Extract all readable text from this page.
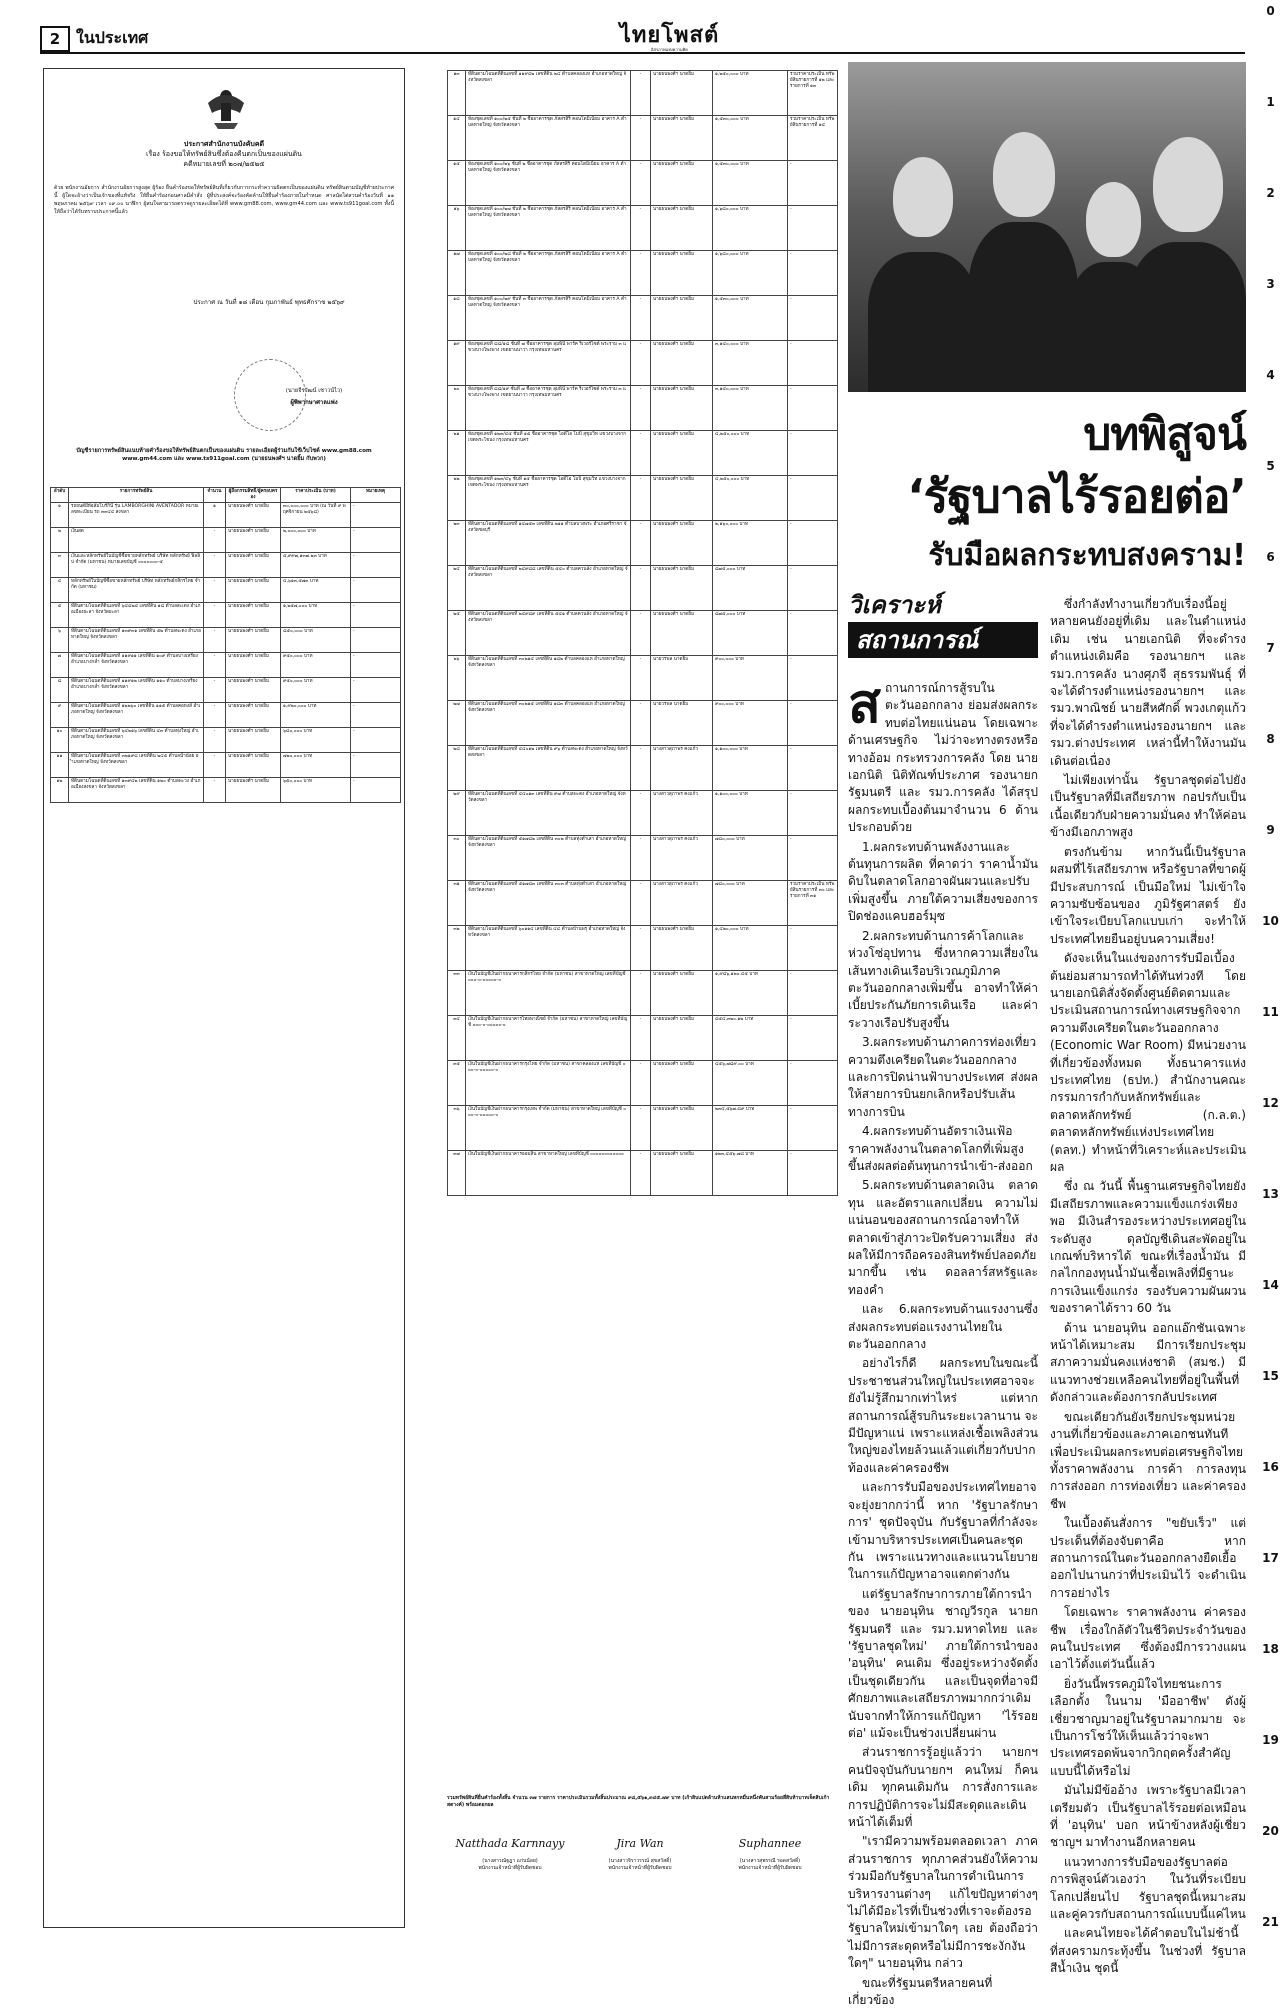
2 ในประเทศ	ไทยโพสต์
อิสรภาพแห่งความคิด
ประกาศสำนักงานบังคับคดี
เรื่อง ร้องขอให้ทรัพย์สินซึ่งต้องคืนตกเป็นของแผ่นดิน
คดีหมายเลขที่ ๒๐๗/๒๕๒๕
ด้วย พนักงานอัยการ สำนักงานอัยการสูงสุด ผู้ร้อง ยื่นคำร้องขอให้ทรัพย์สินที่เกี่ยวกับการกระทำความผิดตกเป็นของแผ่นดิน ทรัพย์สินตามบัญชีท้ายประกาศนี้ ผู้ใดจะอ้างว่าเป็นเจ้าของที่แท้จริง ให้ยื่นคำร้องก่อนศาลมีคำสั่ง ผู้ที่ประสงค์จะร้องคัดค้านให้ยื่นคำร้องภายในกำหนด ศาลนัดไต่สวนคำร้องวันที่ ๑๑ พฤษภาคม ๒๕๖๙ เวลา ๐๙.๐๐ นาฬิกา ผู้สนใจสามารถตรวจดูรายละเอียดได้ที่ www.gm88.com, www.gm44.com และ www.ts911goal.com ทั้งนี้ให้ถือว่าได้รับทราบประกาศนี้แล้ว
ประกาศ ณ วันที่ ๑๘ เดือน กุมภาพันธ์ พุทธศักราช ๒๕๖๙
(นายจีรวัฒน์ เชาวน์ไว)
ผู้พิพากษาศาลแพ่ง
บัญชีรายการทรัพย์สินแนบท้ายคำร้องขอให้ทรัพย์สินตกเป็นของแผ่นดิน รายละเอียดผู้ร่วมกันใช้เว็บไซต์ www.gm88.com www.gm44.com และ www.ts911goal.com (นายธนพงศ์ฯ นาดยิ้ม กับพวก)
ลำดับ	รายการทรัพย์สิน	จำนวน	ผู้ถือกรรมสิทธิ์/ผู้ครอบครอง	ราคาประเมิน (บาท)	หมายเหตุ
๑	รถยนต์ยี่ห้อลัมโบร์กินี รุ่น LAMBORGHINI AVENTADOR หมายเลขทะเบียน รถ ๓๓๔๔ สงขลา	๑	นายธนพงศ์ฯ นาดยิ้ม	๓๐,๐๐๐,๐๐๐ บาท (ณ วันที่ ๙ พฤศจิกายน ๒๕๖๘)	-
๒	เงินสด	-	นายธนพงศ์ฯ นาดยิ้ม	๒,๐๐๐,๐๐๐ บาท	-
๓	เงินและหลักทรัพย์ในบัญชีซื้อขายหลักทรัพย์ บริษัท หลักทรัพย์ ฟิลลิป จำกัด (มหาชน) หมายเลขบัญชี ๐๐๐๐๐๐๐-๕	-	นายธนพงศ์ฯ นาดยิ้ม	๕,๙๙๗,๑๓๗.๒๓ บาท	-
๔	หลักทรัพย์ในบัญชีซื้อขายหลักทรัพย์ บริษัท หลักทรัพย์กสิกรไทย จำกัด (มหาชน)	-	นายธนพงศ์ฯ นาดยิ้ม	๔,๖๑๓,๕๗๓ บาท	-
๕	ที่ดินตามโฉนดที่ดินเลขที่ ๖๔๘๒๔ เลขที่ดิน ๑๘ ตำบลสะเตง อำเภอเมืองยะลา จังหวัดยะลา	-	นายธนพงศ์ฯ นาดยิ้ม	๑,๒๕๗,๐๐๐ บาท	-
๖	ที่ดินตามโฉนดที่ดินเลขที่ ๑๓๙๓๑ เลขที่ดิน ๕๒ ตำบลพะตง อำเภอหาดใหญ่ จังหวัดสงขลา	-	นายธนพงศ์ฯ นาดยิ้ม	๘๕๐,๐๐๐ บาท	-
๗	ที่ดินตามโฉนดที่ดินเลขที่ ๑๑๙๑๑ เลขที่ดิน ๑๐๙ ตำบลบางเหรียง อำเภอบางกล่ำ จังหวัดสงขลา	-	นายธนพงศ์ฯ นาดยิ้ม	๙๕๐,๐๐๐ บาท	-
๘	ที่ดินตามโฉนดที่ดินเลขที่ ๑๑๙๑๒ เลขที่ดิน ๑๑๐ ตำบลบางเหรียง อำเภอบางกล่ำ จังหวัดสงขลา	-	นายธนพงศ์ฯ นาดยิ้ม	๙๕๐,๐๐๐ บาท	-
๙	ที่ดินตามโฉนดที่ดินเลขที่ ๑๒๒๖๐ เลขที่ดิน ๑๑๕ ตำบลคอหงส์ อำเภอหาดใหญ่ จังหวัดสงขลา	-	นายธนพงศ์ฯ นาดยิ้ม	๑,๙๒๐,๐๐๐ บาท	-
๑๐	ที่ดินตามโฉนดที่ดินเลขที่ ๖๔๒๑๖ เลขที่ดิน ๔๓ ตำบลทุ่งใหญ่ อำเภอหาดใหญ่ จังหวัดสงขลา	-	นายธนพงศ์ฯ นาดยิ้ม	๖๘๐,๐๐๐ บาท	-
๑๑	ที่ดินตามโฉนดที่ดินเลขที่ ๓๒๑๙๘ เลขที่ดิน ๒๔๕ ตำบลน้ำน้อย อำเภอหาดใหญ่ จังหวัดสงขลา	-	นายธนพงศ์ฯ นาดยิ้ม	๗๒๐,๐๐๐ บาท	-
๑๒	ที่ดินตามโฉนดที่ดินเลขที่ ๑๓๙๔๒ เลขที่ดิน ๑๒๐ ตำบลพะวง อำเภอเมืองสงขลา จังหวัดสงขลา	-	นายธนพงศ์ฯ นาดยิ้ม	๖๕๐,๐๐๐ บาท	-
๑๓	ที่ดินตามโฉนดที่ดินเลขที่ ๑๑๙๔๒ เลขที่ดิน ๒๔ ตำบลคลองแห อำเภอหาดใหญ่ จังหวัดสงขลา	-	นายธนพงศ์ฯ นาดยิ้ม	๑,๒๕๐,๐๐๐ บาท	รวมราคาประเมิน ทรัพย์สินรายการที่ ๑๒ และรายการที่ ๑๓
๑๔	ห้องชุดเลขที่ ๑๐๐/๒๕ ชั้นที่ ๒ ชื่ออาคารชุด ภัสสรสิริ คอนโดมิเนียม อาคาร A ตำบลหาดใหญ่ จังหวัดสงขลา	-	นายธนพงศ์ฯ นาดยิ้ม	๑,๕๓๐,๐๐๐ บาท	รวมราคาประเมิน ทรัพย์สินรายการที่ ๑๔
๑๕	ห้องชุดเลขที่ ๑๐๐/๒๖ ชั้นที่ ๒ ชื่ออาคารชุด ภัสสรสิริ คอนโดมิเนียม อาคาร A ตำบลหาดใหญ่ จังหวัดสงขลา	-	นายธนพงศ์ฯ นาดยิ้ม	๑,๕๓๐,๐๐๐ บาท	-
๑๖	ห้องชุดเลขที่ ๑๐๐/๒๗ ชั้นที่ ๒ ชื่ออาคารชุด ภัสสรสิริ คอนโดมิเนียม อาคาร A ตำบลหาดใหญ่ จังหวัดสงขลา	-	นายธนพงศ์ฯ นาดยิ้ม	๑,๖๘๐,๐๐๐ บาท	-
๑๗	ห้องชุดเลขที่ ๑๐๐/๒๘ ชั้นที่ ๒ ชื่ออาคารชุด ภัสสรสิริ คอนโดมิเนียม อาคาร A ตำบลหาดใหญ่ จังหวัดสงขลา	-	นายธนพงศ์ฯ นาดยิ้ม	๑,๖๘๐,๐๐๐ บาท	-
๑๘	ห้องชุดเลขที่ ๑๐๐/๒๙ ชั้นที่ ๓ ชื่ออาคารชุด ภัสสรสิริ คอนโดมิเนียม อาคาร A ตำบลหาดใหญ่ จังหวัดสงขลา	-	นายธนพงศ์ฯ นาดยิ้ม	๑,๕๓๐,๐๐๐ บาท	-
๑๙	ห้องชุดเลขที่ ๘๘/๑๘ ชั้นที่ ๗ ชื่ออาคารชุด ลุมพินี พาร์ค ริเวอร์ไซด์ พระราม ๓ แขวงบางโพงพาง เขตยานนาวา กรุงเทพมหานคร	-	นายธนพงศ์ฯ นาดยิ้ม	๓,๑๔๐,๐๐๐ บาท	-
๒๐	ห้องชุดเลขที่ ๘๘/๑๙ ชั้นที่ ๗ ชื่ออาคารชุด ลุมพินี พาร์ค ริเวอร์ไซด์ พระราม ๓ แขวงบางโพงพาง เขตยานนาวา กรุงเทพมหานคร	-	นายธนพงศ์ฯ นาดยิ้ม	๓,๑๔๐,๐๐๐ บาท	-
๒๑	ห้องชุดเลขที่ ๑๒๓/๔๕ ชั้นที่ ๑๕ ชื่ออาคารชุด ไอดีโอ โมบิ สุขุมวิท แขวงบางจาก เขตพระโขนง กรุงเทพมหานคร	-	นายธนพงศ์ฯ นาดยิ้ม	๔,๒๕๐,๐๐๐ บาท	-
๒๒	ห้องชุดเลขที่ ๑๒๓/๔๖ ชั้นที่ ๑๕ ชื่ออาคารชุด ไอดีโอ โมบิ สุขุมวิท แขวงบางจาก เขตพระโขนง กรุงเทพมหานคร	-	นายธนพงศ์ฯ นาดยิ้ม	๔,๒๕๐,๐๐๐ บาท	-
๒๓	ที่ดินตามโฉนดที่ดินเลขที่ ๑๔๗๕๓ เลขที่ดิน ๒๑๑ ตำบลบางพระ อำเภอศรีราชา จังหวัดชลบุรี	-	นายธนพงศ์ฯ นาดยิ้ม	๒,๑๖๐,๐๐๐ บาท	-
๒๔	ที่ดินตามโฉนดที่ดินเลขที่ ๒๔๙๘๘ เลขที่ดิน ๕๔๐ ตำบลควนลัง อำเภอหาดใหญ่ จังหวัดสงขลา	-	นายธนพงศ์ฯ นาดยิ้ม	๘๗๕,๐๐๐ บาท	-
๒๕	ที่ดินตามโฉนดที่ดินเลขที่ ๒๔๙๘๙ เลขที่ดิน ๕๔๑ ตำบลควนลัง อำเภอหาดใหญ่ จังหวัดสงขลา	-	นายธนพงศ์ฯ นาดยิ้ม	๘๗๕,๐๐๐ บาท	-
๒๖	ที่ดินตามโฉนดที่ดินเลขที่ ๓๐๒๑๔ เลขที่ดิน ๑๘๒ ตำบลคลองแห อำเภอหาดใหญ่ จังหวัดสงขลา	-	นายวรพล นาดยิ้ม	๙๐๐,๐๐๐ บาท	-
๒๗	ที่ดินตามโฉนดที่ดินเลขที่ ๓๐๒๑๕ เลขที่ดิน ๑๘๓ ตำบลคลองแห อำเภอหาดใหญ่ จังหวัดสงขลา	-	นายวรพล นาดยิ้ม	๙๐๐,๐๐๐ บาท	-
๒๘	ที่ดินตามโฉนดที่ดินเลขที่ ๔๔๐๑๒ เลขที่ดิน ๙๖ ตำบลพะตง อำเภอหาดใหญ่ จังหวัดสงขลา	-	นางสาวสุภาพร คงแก้ว	๑,๑๐๐,๐๐๐ บาท	-
๒๙	ที่ดินตามโฉนดที่ดินเลขที่ ๔๔๐๑๓ เลขที่ดิน ๙๗ ตำบลพะตง อำเภอหาดใหญ่ จังหวัดสงขลา	-	นางสาวสุภาพร คงแก้ว	๑,๑๐๐,๐๐๐ บาท	-
๓๐	ที่ดินตามโฉนดที่ดินเลขที่ ๕๑๗๘๒ เลขที่ดิน ๓๐๒ ตำบลทุ่งตำเสา อำเภอหาดใหญ่ จังหวัดสงขลา	-	นางสาวสุภาพร คงแก้ว	๗๘๐,๐๐๐ บาท	-
๓๑	ที่ดินตามโฉนดที่ดินเลขที่ ๕๑๗๘๓ เลขที่ดิน ๓๐๓ ตำบลทุ่งตำเสา อำเภอหาดใหญ่ จังหวัดสงขลา	-	นางสาวสุภาพร คงแก้ว	๗๘๐,๐๐๐ บาท	รวมราคาประเมิน ทรัพย์สินรายการที่ ๓๐ และรายการที่ ๓๑
๓๒	ที่ดินตามโฉนดที่ดินเลขที่ ๖๐๑๑๔ เลขที่ดิน ๔๔ ตำบลบ้านพรุ อำเภอหาดใหญ่ จังหวัดสงขลา	-	นายธนพงศ์ฯ นาดยิ้ม	๑,๔๒๐,๐๐๐ บาท	-
๓๓	เงินในบัญชีเงินฝากธนาคารกสิกรไทย จำกัด (มหาชน) สาขาหาดใหญ่ เลขที่บัญชี ๐๐๐-๐-๐๐๐๐๐-๐	-	นายธนพงศ์ฯ นาดยิ้ม	๑,๙๘๖,๑๒๐.๔๕ บาท	-
๓๔	เงินในบัญชีเงินฝากธนาคารไทยพาณิชย์ จำกัด (มหาชน) สาขาหาดใหญ่ เลขที่บัญชี ๐๐๐-๐-๐๐๐๐๐-๐	-	นายธนพงศ์ฯ นาดยิ้ม	๘๕๔,๓๒๐.๑๒ บาท	-
๓๕	เงินในบัญชีเงินฝากธนาคารกรุงไทย จำกัด (มหาชน) สาขาคลองแห เลขที่บัญชี ๐๐๐-๐-๐๐๐๐๐-๐	-	นายธนพงศ์ฯ นาดยิ้ม	๔๕๖,๗๘๙.๐๐ บาท	-
๓๖	เงินในบัญชีเงินฝากธนาคารกรุงเทพ จำกัด (มหาชน) สาขาหาดใหญ่ เลขที่บัญชี ๐๐๐-๐-๐๐๐๐๐-๐	-	นายธนพงศ์ฯ นาดยิ้ม	๒๓๔,๕๖๗.๘๙ บาท	-
๓๗	เงินในบัญชีเงินฝากธนาคารออมสิน สาขาหาดใหญ่ เลขที่บัญชี ๐๐๐๐๐๐๐๐๐๐๐๐	-	นายธนพงศ์ฯ นาดยิ้ม	๑๒๓,๔๕๖.๗๘ บาท	-
รวมทรัพย์สินที่ยื่นคำร้องทั้งสิ้น จำนวน ๓๗ รายการ ราคาประเมินรวมทั้งสิ้นประมาณ ๙๘,๕๖๑,๓๔๕.๗๙ บาท (เก้าสิบแปดล้านห้าแสนหกหมื่นหนึ่งพันสามร้อยสี่สิบห้าบาทเจ็ดสิบเก้าสตางค์) พร้อมดอกผล
Natthada Karnnayy
(นางสาวณัฐฎา แก่นน้อย)
พนักงานเจ้าหน้าที่ผู้รับผิดชอบ
Jira Wan
(นางสาวจิราวรรณ์ สุขสวัสดิ์)
พนักงานเจ้าหน้าที่ผู้รับผิดชอบ
Suphannee
(นางสาวสุพรรณี รอดสวัสดิ์)
พนักงานเจ้าหน้าที่ผู้รับผิดชอบ
บทพิสูจน์
‘รัฐบาลไร้รอยต่อ’
รับมือผลกระทบสงคราม!
วิเคราะห์
สถานการณ์
ส ถานการณ์การสู้รบในตะวันออกกลาง ย่อมส่งผลกระทบต่อไทยแน่นอน โดยเฉพาะด้านเศรษฐกิจ ไม่ว่าจะทางตรงหรือทางอ้อม กระทรวงการคลัง โดย นายเอกนิติ นิติทัณฑ์ประภาศ รองนายกรัฐมนตรี และ รมว.การคลัง ได้สรุปผลกระทบเบื้องต้นมาจำนวน 6 ด้าน ประกอบด้วย

1.ผลกระทบด้านพลังงานและต้นทุนการผลิต ที่คาดว่า ราคาน้ำมันดิบในตลาดโลกอาจผันผวนและปรับเพิ่มสูงขึ้น ภายใต้ความเสี่ยงของการปิดช่องแคบฮอร์มุซ

2.ผลกระทบด้านการค้าโลกและห่วงโซ่อุปทาน ซึ่งหากความเสี่ยงในเส้นทางเดินเรือบริเวณภูมิภาคตะวันออกกลางเพิ่มขึ้น อาจทำให้ค่าเบี้ยประกันภัยการเดินเรือ และค่าระวางเรือปรับสูงขึ้น

3.ผลกระทบด้านภาคการท่องเที่ยว ความตึงเครียดในตะวันออกกลางและการปิดน่านฟ้าบางประเทศ ส่งผลให้สายการบินยกเลิกหรือปรับเส้นทางการบิน

4.ผลกระทบด้านอัตราเงินเฟ้อ ราคาพลังงานในตลาดโลกที่เพิ่มสูงขึ้นส่งผลต่อต้นทุนการนำเข้า-ส่งออก

5.ผลกระทบด้านตลาดเงิน ตลาดทุน และอัตราแลกเปลี่ยน ความไม่แน่นอนของสถานการณ์อาจทำให้ตลาดเข้าสู่ภาวะปิดรับความเสี่ยง ส่งผลให้มีการถือครองสินทรัพย์ปลอดภัยมากขึ้น เช่น ดอลลาร์สหรัฐและทองคำ

และ 6.ผลกระทบด้านแรงงานซึ่งส่งผลกระทบต่อแรงงานไทยในตะวันออกกลาง

อย่างไรก็ดี ผลกระทบในขณะนี้ ประชาชนส่วนใหญ่ในประเทศอาจจะยังไม่รู้สึกมากเท่าไหร่ แต่หากสถานการณ์สู้รบกินระยะเวลานาน จะมีปัญหาแน่ เพราะแหล่งเชื้อเพลิงส่วนใหญ่ของไทยล้วนแล้วแต่เกี่ยวกับปากท้องและค่าครองชีพ

และการรับมือของประเทศไทยอาจจะยุ่งยากกว่านี้ หาก 'รัฐบาลรักษาการ' ชุดปัจจุบัน กับรัฐบาลที่กำลังจะเข้ามาบริหารประเทศเป็นคนละชุดกัน เพราะแนวทางและแนวนโยบายในการแก้ปัญหาอาจแตกต่างกัน

แต่รัฐบาลรักษาการภายใต้การนำของ นายอนุทิน ชาญวีรกูล นายกรัฐมนตรี และ รมว.มหาดไทย และ 'รัฐบาลชุดใหม่' ภายใต้การนำของ 'อนุทิน' คนเดิม ซึ่งอยู่ระหว่างจัดตั้งเป็นชุดเดียวกัน และเป็นจุดที่อาจมีศักยภาพและเสถียรภาพมากกว่าเดิม นับจากทำให้การแก้ปัญหา 'ไร้รอยต่อ' แม้จะเป็นช่วงเปลี่ยนผ่าน

ส่วนราชการรู้อยู่แล้วว่า นายกฯ คนปัจจุบันกับนายกฯ คนใหม่ ก็คนเดิม ทุกคนเดิมกัน การสั่งการและการปฏิบัติการจะไม่มีสะดุดและเดินหน้าได้เต็มที่

"เรามีความพร้อมตลอดเวลา ภาคส่วนราชการ ทุกภาคส่วนยังให้ความร่วมมือกับรัฐบาลในการดำเนินการบริหารงานต่างๆ แก้ไขปัญหาต่างๆ ไม่ได้มีอะไรที่เป็นช่วงที่เราจะต้องรอรัฐบาลใหม่เข้ามาใดๆ เลย ต้องถือว่าไม่มีการสะดุดหรือไม่มีการชะงักงันใดๆ" นายอนุทิน กล่าว

ขณะที่รัฐมนตรีหลายคนที่เกี่ยวข้อง

ซึ่งกำลังทำงานเกี่ยวกับเรื่องนี้อยู่ หลายคนยังอยู่ที่เดิม และในตำแหน่งเดิม เช่น นายเอกนิติ ที่จะดำรงตำแหน่งเดิมคือ รองนายกฯ และ รมว.การคลัง นางศุภจี สุธรรมพันธุ์ ที่จะได้ดำรงตำแหน่งรองนายกฯ และ รมว.พาณิชย์ นายสีหศักดิ์ พวงเกตุแก้ว ที่จะได้ดำรงตำแหน่งรองนายกฯ และ รมว.ต่างประเทศ เหล่านี้ทำให้งานมันเดินต่อเนื่อง

ไม่เพียงเท่านั้น รัฐบาลชุดต่อไปยังเป็นรัฐบาลที่มีเสถียรภาพ กอปรกับเป็นเนื้อเดียวกับฝ่ายความมั่นคง ทำให้ค่อนข้างมีเอกภาพสูง

ตรงกันข้าม หากวันนี้เป็นรัฐบาลผสมที่ไร้เสถียรภาพ หรือรัฐบาลที่ขาดผู้มีประสบการณ์ เป็นมือใหม่ ไม่เข้าใจความซับซ้อนของ ภูมิรัฐศาสตร์ ยังเข้าใจระเบียบโลกแบบเก่า จะทำให้ประเทศไทยยืนอยู่บนความเสี่ยง!

ดังจะเห็นในแง่ของการรับมือเบื้องต้นย่อมสามารถทำได้ทันท่วงที โดยนายเอกนิติสั่งจัดตั้งศูนย์ติดตามและประเมินสถานการณ์ทางเศรษฐกิจจากความตึงเครียดในตะวันออกกลาง (Economic War Room) มีหน่วยงานที่เกี่ยวข้องทั้งหมด ทั้งธนาคารแห่งประเทศไทย (ธปท.) สำนักงานคณะกรรมการกำกับหลักทรัพย์และตลาดหลักทรัพย์ (ก.ล.ต.) ตลาดหลักทรัพย์แห่งประเทศไทย (ตลท.) ทำหน้าที่วิเคราะห์และประเมินผล

ซึ่ง ณ วันนี้ พื้นฐานเศรษฐกิจไทยยังมีเสถียรภาพและความแข็งแกร่งเพียงพอ มีเงินสำรองระหว่างประเทศอยู่ในระดับสูง ดุลบัญชีเดินสะพัดอยู่ในเกณฑ์บริหารได้ ขณะที่เรื่องน้ำมัน มีกลไกกองทุนน้ำมันเชื้อเพลิงที่มีฐานะการเงินแข็งแกร่ง รองรับความผันผวนของราคาได้ราว 60 วัน

ด้าน นายอนุทิน ออกแอ๊กชันเฉพาะหน้าได้เหมาะสม มีการเรียกประชุม สภาความมั่นคงแห่งชาติ (สมช.) มีแนวทางช่วยเหลือคนไทยที่อยู่ในพื้นที่ดังกล่าวและต้องการกลับประเทศ

ขณะเดียวกันยังเรียกประชุมหน่วยงานที่เกี่ยวข้องและภาคเอกชนทันที เพื่อประเมินผลกระทบต่อเศรษฐกิจไทย ทั้งราคาพลังงาน การค้า การลงทุน การส่งออก การท่องเที่ยว และค่าครองชีพ

ในเบื้องต้นสั่งการ "ขยับเร็ว" แต่ประเด็นที่ต้องจับตาคือ หากสถานการณ์ในตะวันออกกลางยืดเยื้อออกไปนานกว่าที่ประเมินไว้ จะดำเนินการอย่างไร

โดยเฉพาะ ราคาพลังงาน ค่าครองชีพ เรื่องใกล้ตัวในชีวิตประจำวันของคนในประเทศ ซึ่งต้องมีการวางแผนเอาไว้ตั้งแต่วันนี้แล้ว

ยิ่งวันนี้พรรคภูมิใจไทยชนะการเลือกตั้ง ในนาม 'มืออาชีพ' ดังผู้เชี่ยวชาญมาอยู่ในรัฐบาลมากมาย จะเป็นการโชว์ให้เห็นแล้วว่าจะพาประเทศรอดพ้นจากวิกฤตครั้งสำคัญแบบนี้ได้หรือไม่

มันไม่มีข้ออ้าง เพราะรัฐบาลมีเวลาเตรียมตัว เป็นรัฐบาลไร้รอยต่อเหมือนที่ 'อนุทิน' บอก หน้าข้างหลังผู้เชี่ยวชาญฯ มาทำงานอีกหลายคน

แนวทางการรับมือของรัฐบาลต่อการพิสูจน์ตัวเองว่า ในวันที่ระเบียบโลกเปลี่ยนไป รัฐบาลชุดนี้เหมาะสมและคู่ควรกับสถานการณ์แบบนี้แค่ไหน

และคนไทยจะได้คำตอบในไม่ช้านี้ ที่สงครามกระทุ้งขึ้น ในช่วงที่ รัฐบาลสีน้ำเงิน ชุดนี้

0
1
2
3
4
5
6
7
8
9
10
11
12
13
14
15
16
17
18
19
20
21
